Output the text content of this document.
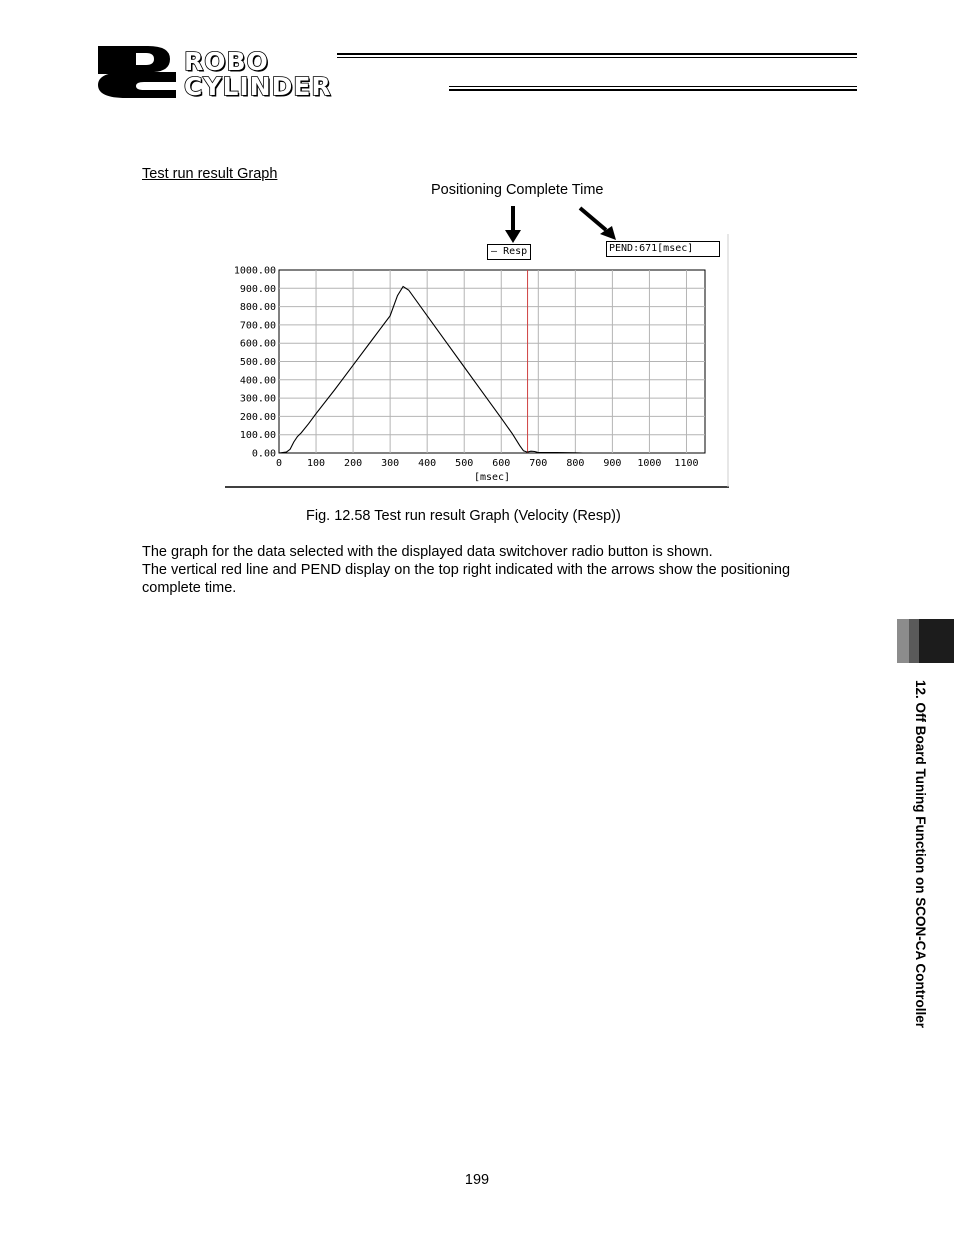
ROBO
CYLINDER
Test run result Graph
Positioning Complete Time
1000.00
900.00
800.00
700.00
600.00
500.00
400.00
300.00
200.00
100.00
0.00
0 100 200 300 400 500 600 700 800 900 1000 1100
[msec]
— Resp	PEND:671[msec]
Fig. 12.58 Test run result Graph (Velocity (Resp))
The graph for the data selected with the displayed data switchover radio button is shown.
The vertical red line and PEND display on the top right indicated with the arrows show the positioning
complete time.
12. Off Board Tuning Function on SCON-CA Controller
199
